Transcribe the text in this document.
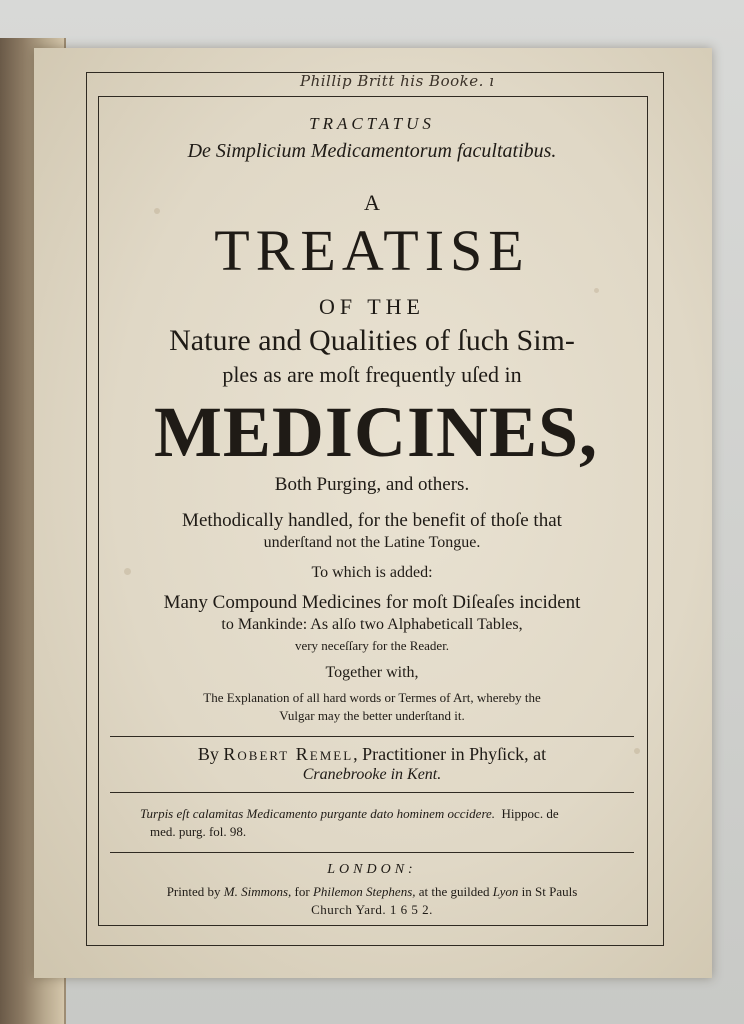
Phillip Britt his Booke. ı
TRACTATUS
De Simplicium Medicamentorum facultatibus.
A
TREATISE
OF THE
Nature and Qualities of ſuch Sim-
ples as are moſt frequently uſed in
MEDICINES,
Both Purging, and others.
Methodically handled, for the benefit of thoſe that
underſtand not the Latine Tongue.
To which is added:
Many Compound Medicines for moſt Diſeaſes incident
to Mankinde: As alſo two Alphabeticall Tables,
very neceſſary for the Reader.
Together with,
The Explanation of all hard words or Termes of Art, whereby the
Vulgar may the better underſtand it.
By Robert Remel, Practitioner in Phyſick, at
Cranebrooke in Kent.
Turpis eſt calamitas Medicamento purgante dato hominem occidere. Hippoc. de
med. purg. fol. 98.
LONDON:
Printed by M. Simmons, for Philemon Stephens, at the guilded Lyon in St Pauls
Church Yard. 1 6 5 2.
